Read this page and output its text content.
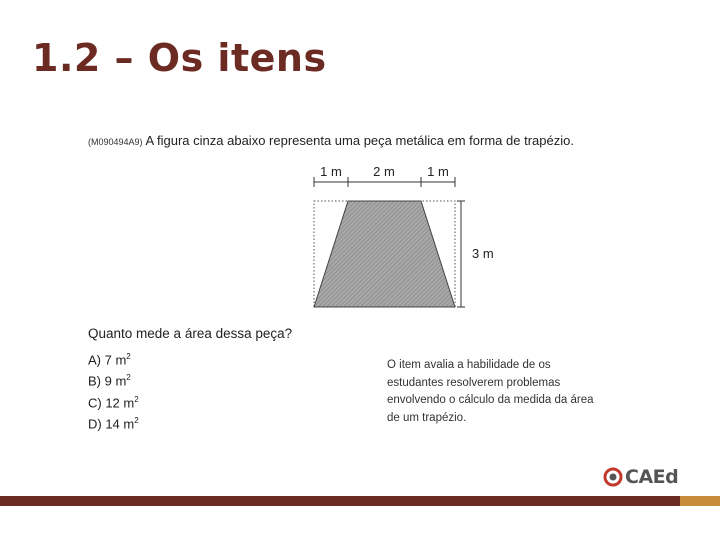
1.2 – Os itens
(M090494A9) A figura cinza abaixo representa uma peça metálica em forma de trapézio.
1 m 2 m 1 m
3 m
Quanto mede a área dessa peça?
A) 7 $m^2$
B) 9 $m^2$
C) 12 $m^2$
D) 14 $m^2$
O item avalia a habilidade de os estudantes resolverem problemas envolvendo o cálculo da medida da área de um trapézio.
CAEd
